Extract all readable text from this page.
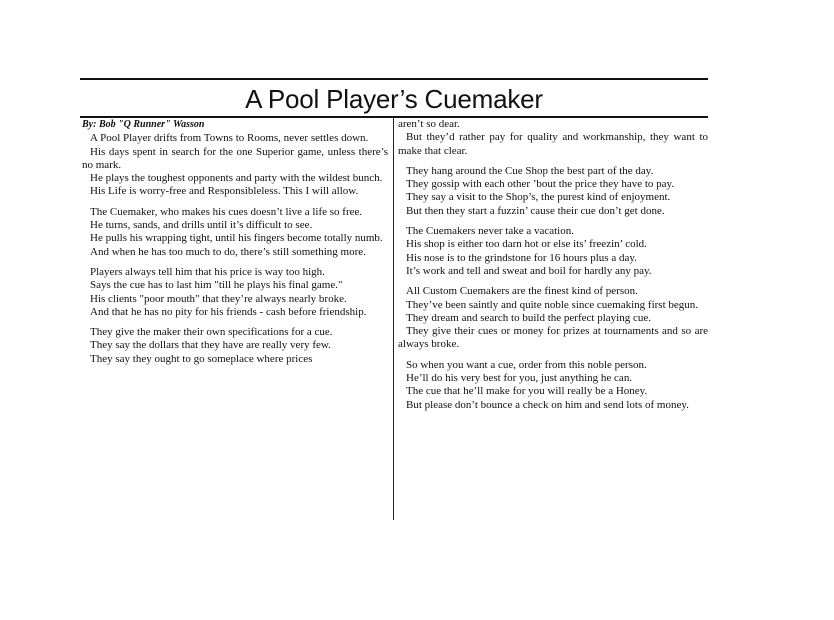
A Pool Player’s Cuemaker
By: Bob "Q Runner" Wasson

A Pool Player drifts from Towns to Rooms, never settles down.

His days spent in search for the one Superior game, unless there’s no mark.

He plays the toughest opponents and party with the wildest bunch.

His Life is worry-free and Responsibleless. This I will allow.

The Cuemaker, who makes his cues doesn’t live a life so free.

He turns, sands, and drills until it’s difficult to see.

He pulls his wrapping tight, until his fingers become totally numb.

And when he has too much to do, there’s still something more.

Players always tell him that his price is way too high.

Says the cue has to last him "till he plays his final game."

His clients "poor mouth" that they’re always nearly broke.

And that he has no pity for his friends - cash before friendship.

They give the maker their own specifications for a cue.

They say the dollars that they have are really very few.

They say they ought to go someplace where prices

aren’t so dear.

But they’d rather pay for quality and workmanship, they want to make that clear.

They hang around the Cue Shop the best part of the day.

They gossip with each other ’bout the price they have to pay.

They say a visit to the Shop’s, the purest kind of enjoyment.

But then they start a fuzzin’ cause their cue don’t get done.

The Cuemakers never take a vacation.

His shop is either too darn hot or else its’ freezin’ cold.

His nose is to the grindstone for 16 hours plus a day.

It’s work and tell and sweat and boil for hardly any pay.

All Custom Cuemakers are the finest kind of person.

They’ve been saintly and quite noble since cuemaking first begun.

They dream and search to build the perfect playing cue.

They give their cues or money for prizes at tournaments and so are always broke.

So when you want a cue, order from this noble person.

He’ll do his very best for you, just anything he can.

The cue that he’ll make for you will really be a Honey.

But please don’t bounce a check on him and send lots of money.
